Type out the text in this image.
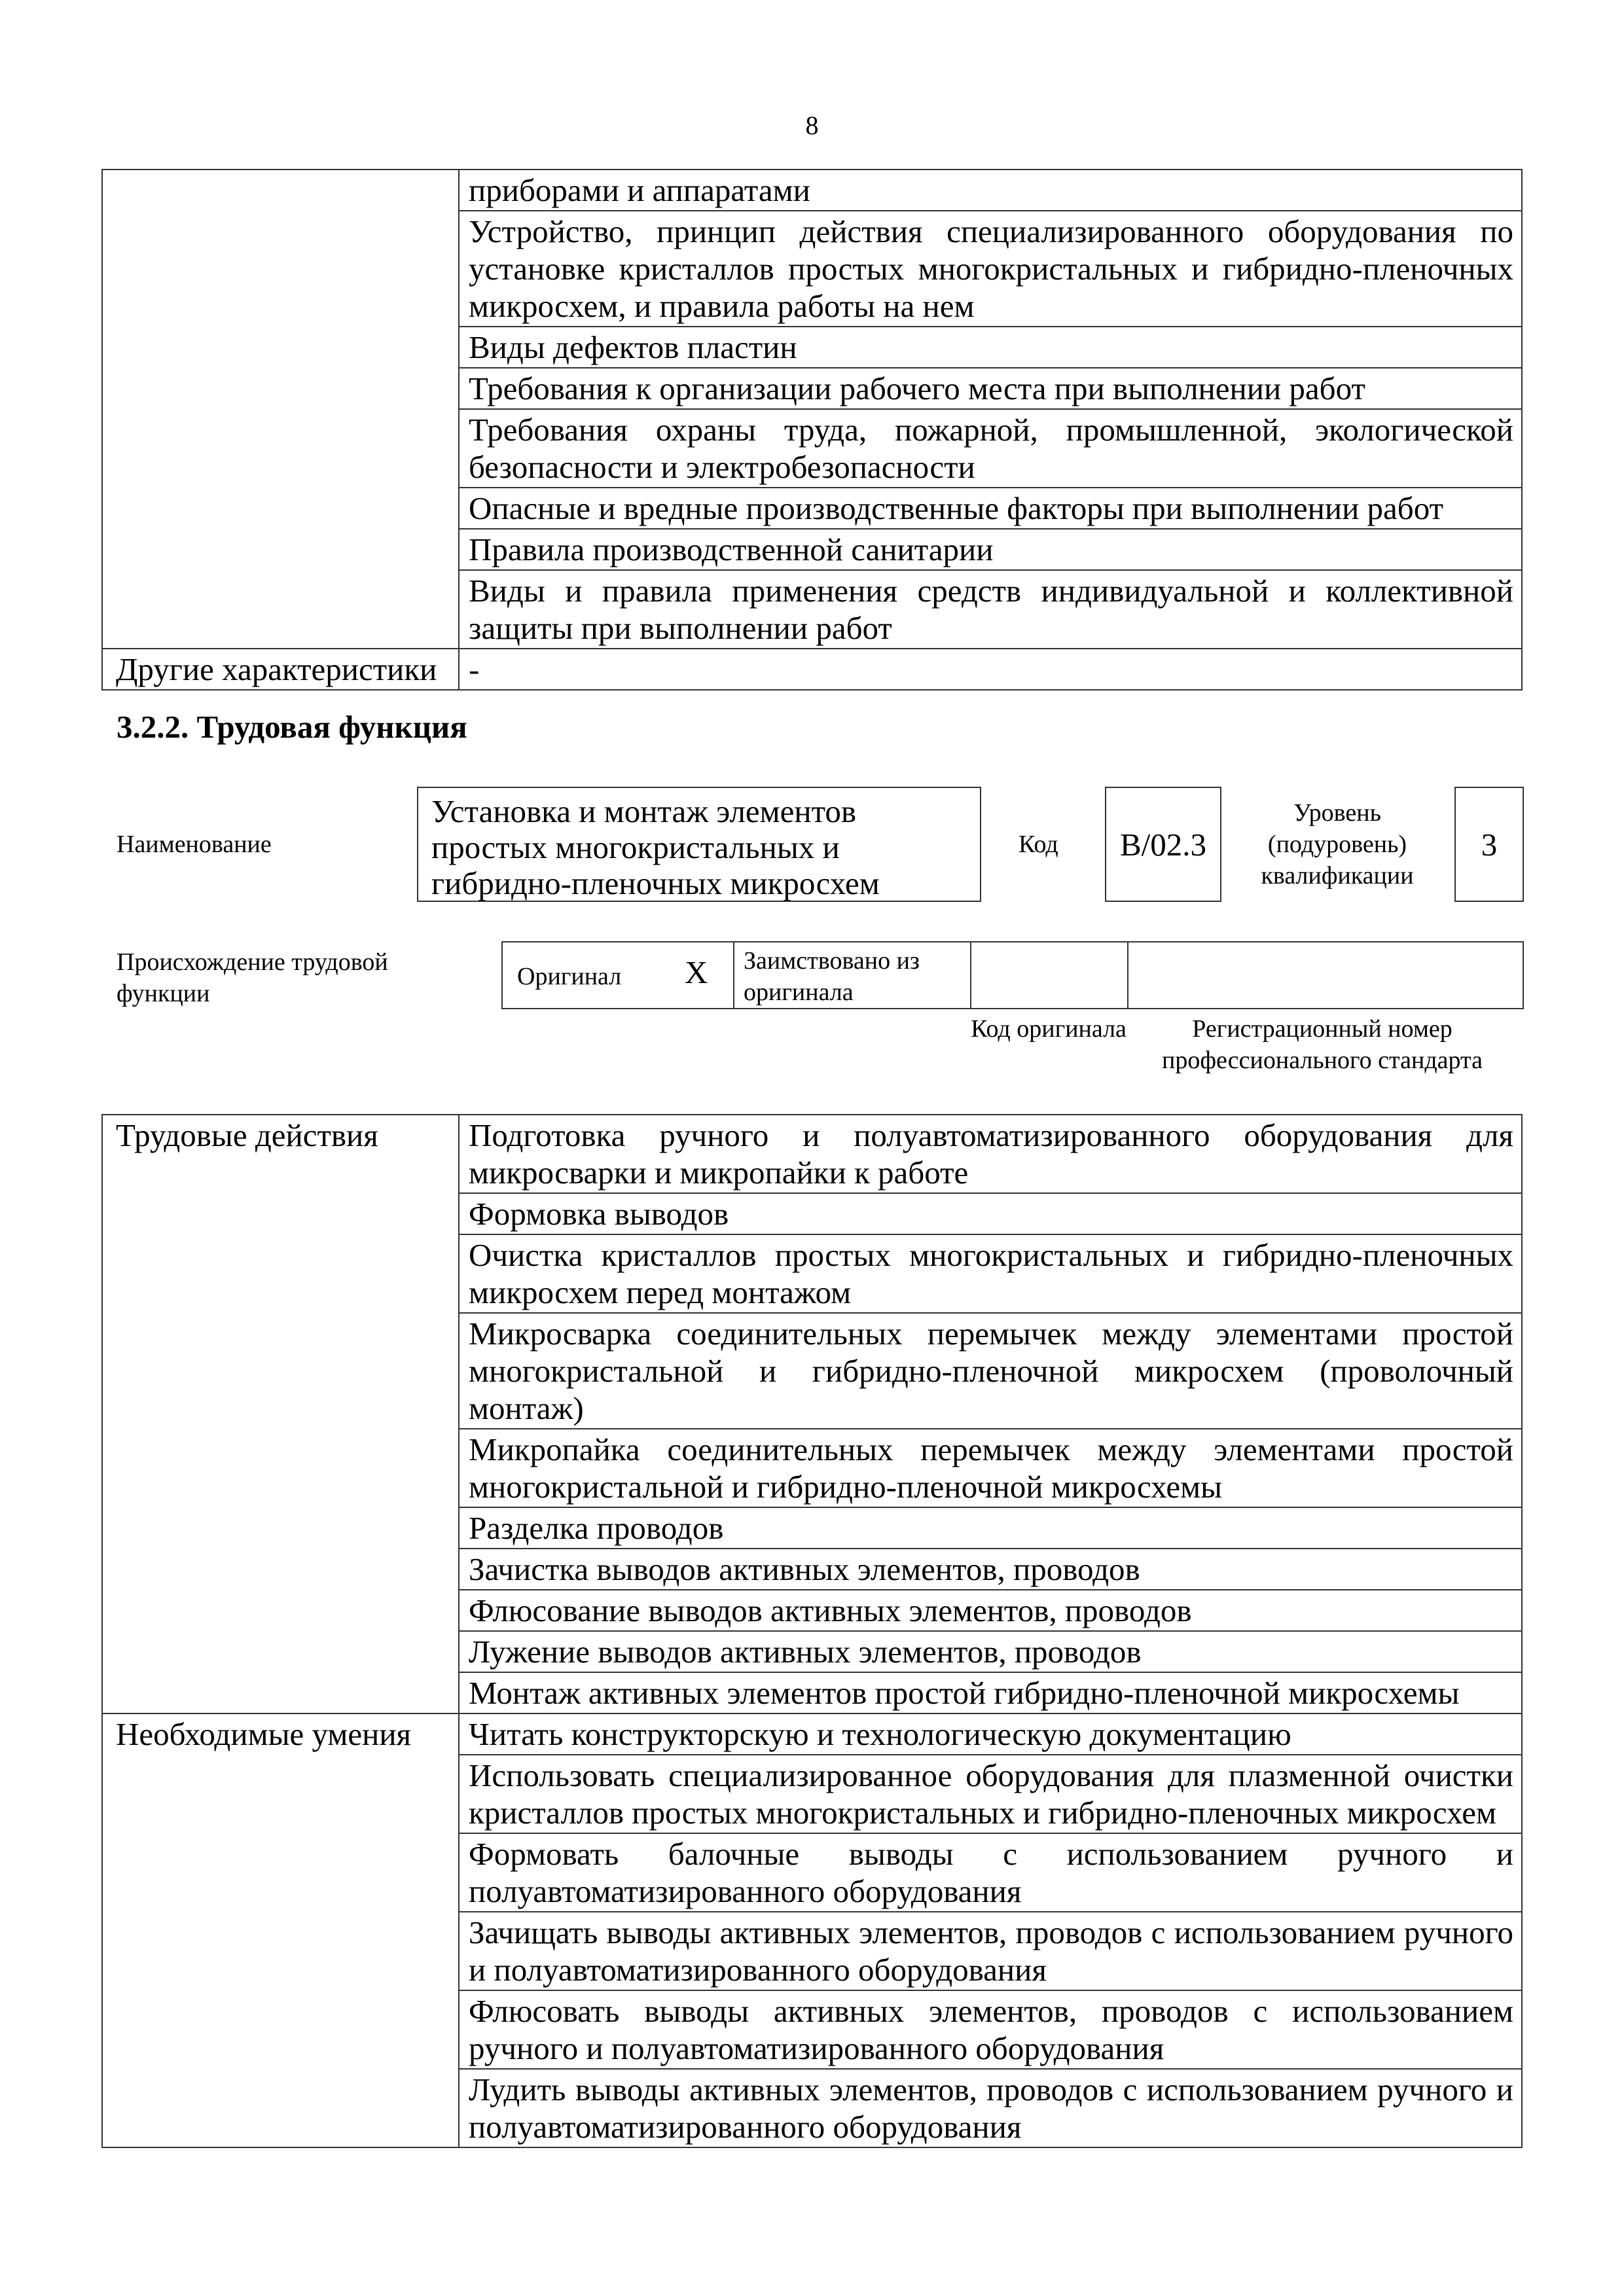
8
	приборами и аппаратами
	Устройство, принцип действия специализированного оборудования по установке кристаллов простых многокристальных и гибридно-пленочных микросхем, и правила работы на нем
	Виды дефектов пластин
	Требования к организации рабочего места при выполнении работ
	Требования охраны труда, пожарной, промышленной, экологической безопасности и электробезопасности
	Опасные и вредные производственные факторы при выполнении работ
	Правила производственной санитарии
	Виды и правила применения средств индивидуальной и коллективной защиты при выполнении работ
Другие характеристики	-
3.2.2. Трудовая функция
Наименование
Установка и монтаж элементов простых многокристальных и гибридно-пленочных микросхем
Код B/02.3
Уровень (подуровень) квалификации
3
Происхождение трудовой функции
Оригинал X Заимствовано из оригинала
Код оригинала	Регистрационный номер профессионального стандарта
Трудовые действия	Подготовка ручного и полуавтоматизированного оборудования для микросварки и микропайки к работе
	Формовка выводов
	Очистка кристаллов простых многокристальных и гибридно-пленочных микросхем перед монтажом
	Микросварка соединительных перемычек между элементами простой многокристальной и гибридно-пленочной микросхем (проволочный монтаж)
	Микропайка соединительных перемычек между элементами простой многокристальной и гибридно-пленочной микросхемы
	Разделка проводов
	Зачистка выводов активных элементов, проводов
	Флюсование выводов активных элементов, проводов
	Лужение выводов активных элементов, проводов
	Монтаж активных элементов простой гибридно-пленочной микросхемы
Необходимые умения	Читать конструкторскую и технологическую документацию
	Использовать специализированное оборудования для плазменной очистки кристаллов простых многокристальных и гибридно-пленочных микросхем
	Формовать балочные выводы с использованием ручного и полуавтоматизированного оборудования
	Зачищать выводы активных элементов, проводов с использованием ручного и полуавтоматизированного оборудования
	Флюсовать выводы активных элементов, проводов с использованием ручного и полуавтоматизированного оборудования
	Лудить выводы активных элементов, проводов с использованием ручного и полуавтоматизированного оборудования
